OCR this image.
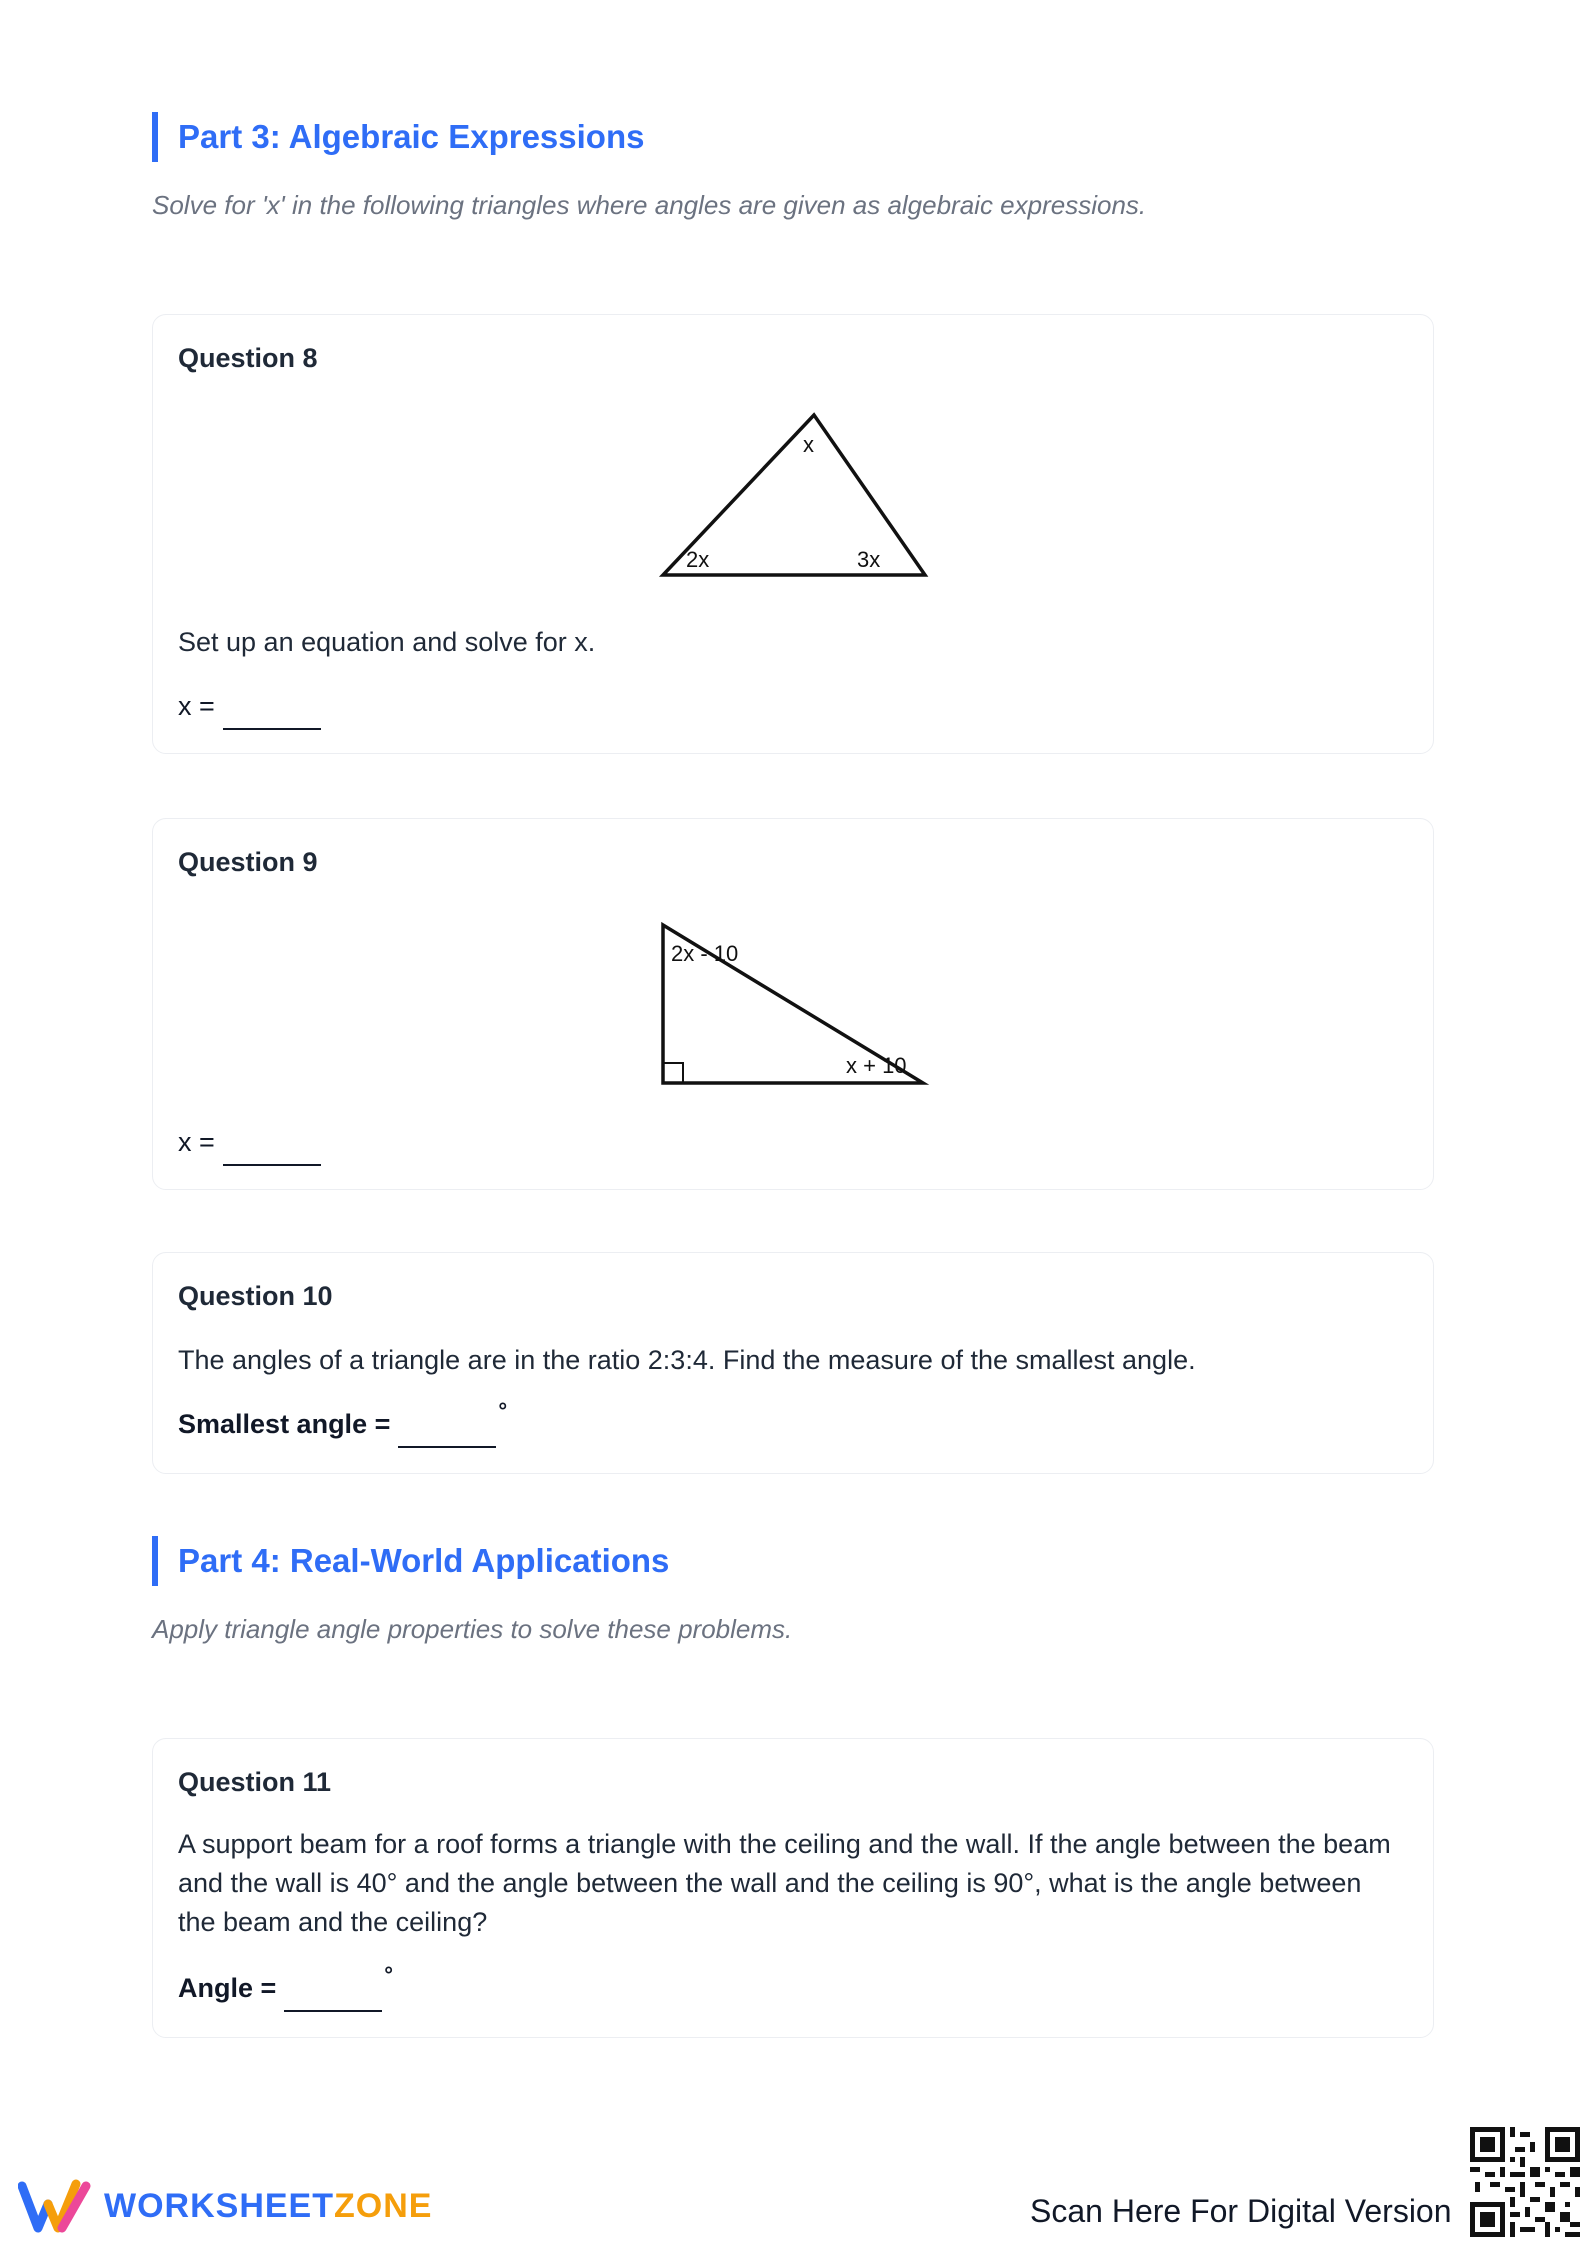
Part 3: Algebraic Expressions
Solve for 'x' in the following triangles where angles are given as algebraic expressions.
Question 8
x
2x	3x
Set up an equation and solve for x.
x =
Question 9
2x - 10
x + 10
x =
Question 10
The angles of a triangle are in the ratio 2:3:4. Find the measure of the smallest angle.
Smallest angle =	°
Part 4: Real-World Applications
Apply triangle angle properties to solve these problems.
Question 11
A support beam for a roof forms a triangle with the ceiling and the wall. If the angle between the beam and the wall is 40° and the angle between the wall and the ceiling is 90°, what is the angle between the beam and the ceiling?
Angle =	°
WORKSHEETZONE	Scan Here For Digital Version
